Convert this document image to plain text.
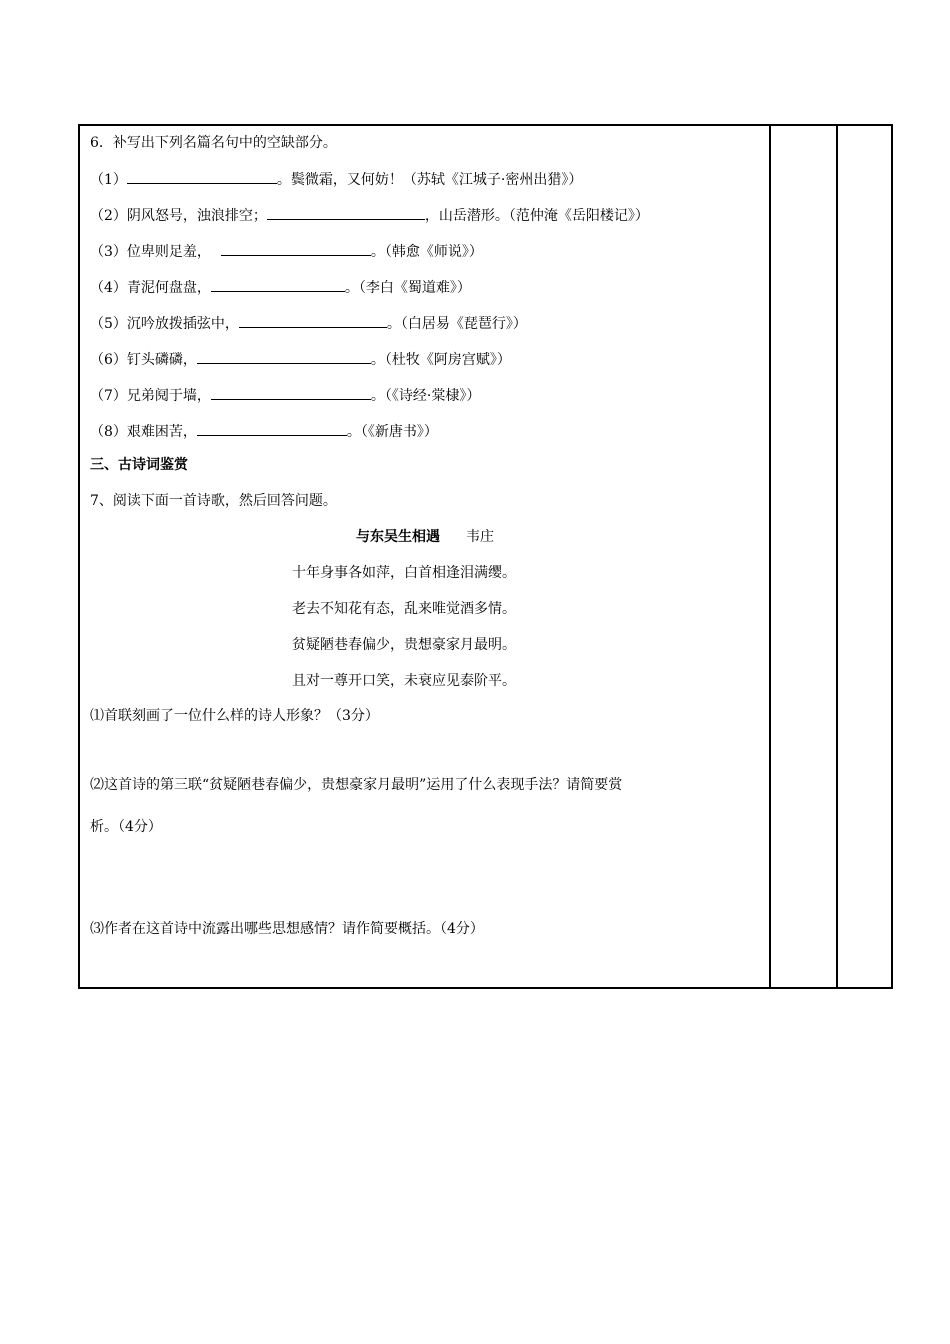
6．补写出下列名篇名句中的空缺部分。
（1）	。鬓微霜，又何妨！（苏轼《江城子·密州出猎》）
（2）阴风怒号，浊浪排空；	，山岳潜形。（范仲淹《岳阳楼记》）
（3）位卑则足羞，	。（韩愈《师说》）
（4）青泥何盘盘，	。（李白《蜀道难》）
（5）沉吟放拨插弦中，	。（白居易《琵琶行》）
（6）钉头磷磷，	。（杜牧《阿房宫赋》）
（7）兄弟阋于墙，	。（《诗经·棠棣》）
（8）艰难困苦，	。（《新唐书》）
三、古诗词鉴赏
7、阅读下面一首诗歌，然后回答问题。
与东吴生相遇 韦庄
十年身事各如萍，白首相逢泪满缨。
老去不知花有态，乱来唯觉酒多情。
贫疑陋巷春偏少，贵想豪家月最明。
且对一尊开口笑，未衰应见泰阶平。
⑴首联刻画了一位什么样的诗人形象？（3分）
⑵这首诗的第三联“贫疑陋巷春偏少，贵想豪家月最明”运用了什么表现手法？请简要赏
析。（4分）
⑶作者在这首诗中流露出哪些思想感情？请作简要概括。（4分）
